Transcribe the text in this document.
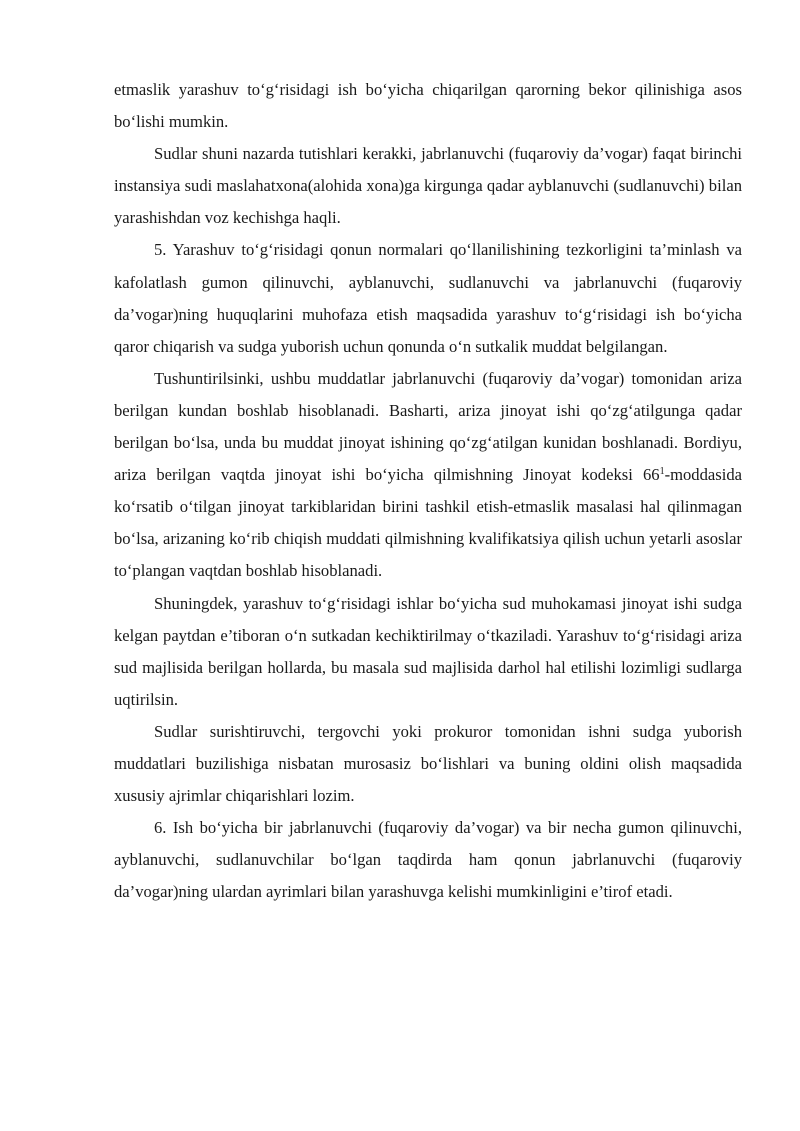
etmaslik yarashuv to‘g‘risidagi ish bo‘yicha chiqarilgan qarorning bekor qilinishiga asos bo‘lishi mumkin.

Sudlar shuni nazarda tutishlari kerakki, jabrlanuvchi (fuqaroviy da’vogar) faqat birinchi instansiya sudi maslahatxona(alohida xona)ga kirgunga qadar ayblanuvchi (sudlanuvchi) bilan yarashishdan voz kechishga haqli.

5. Yarashuv to‘g‘risidagi qonun normalari qo‘llanilishining tezkorligini ta’minlash va kafolatlash gumon qilinuvchi, ayblanuvchi, sudlanuvchi va jabrlanuvchi (fuqaroviy da’vogar)ning huquqlarini muhofaza etish maqsadida yarashuv to‘g‘risidagi ish bo‘yicha qaror chiqarish va sudga yuborish uchun qonunda o‘n sutkalik muddat belgilangan.

Tushuntirilsinki, ushbu muddatlar jabrlanuvchi (fuqaroviy da’vogar) tomonidan ariza berilgan kundan boshlab hisoblanadi. Basharti, ariza jinoyat ishi qo‘zg‘atilgunga qadar berilgan bo‘lsa, unda bu muddat jinoyat ishining qo‘zg‘atilgan kunidan boshlanadi. Bordiyu, ariza berilgan vaqtda jinoyat ishi bo‘yicha qilmishning Jinoyat kodeksi $66^1$-moddasida ko‘rsatib o‘tilgan jinoyat tarkiblaridan birini tashkil etish-etmaslik masalasi hal qilinmagan bo‘lsa, arizaning ko‘rib chiqish muddati qilmishning kvalifikatsiya qilish uchun yetarli asoslar to‘plangan vaqtdan boshlab hisoblanadi.

Shuningdek, yarashuv to‘g‘risidagi ishlar bo‘yicha sud muhokamasi jinoyat ishi sudga kelgan paytdan e’tiboran o‘n sutkadan kechiktirilmay o‘tkaziladi. Yarashuv to‘g‘risidagi ariza sud majlisida berilgan hollarda, bu masala sud majlisida darhol hal etilishi lozimligi sudlarga uqtirilsin.

Sudlar surishtiruvchi, tergovchi yoki prokuror tomonidan ishni sudga yuborish muddatlari buzilishiga nisbatan murosasiz bo‘lishlari va buning oldini olish maqsadida xususiy ajrimlar chiqarishlari lozim.

6. Ish bo‘yicha bir jabrlanuvchi (fuqaroviy da’vogar) va bir necha gumon qilinuvchi, ayblanuvchi, sudlanuvchilar bo‘lgan taqdirda ham qonun jabrlanuvchi (fuqaroviy da’vogar)ning ulardan ayrimlari bilan yarashuvga kelishi mumkinligini e’tirof etadi.
